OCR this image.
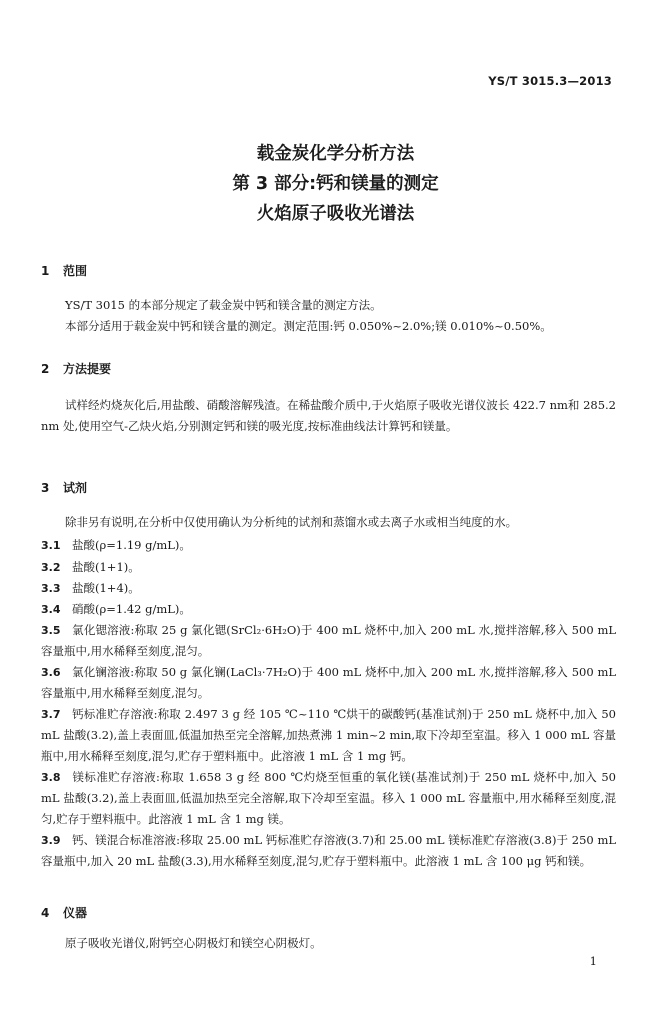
YS/T 3015.3—2013
载金炭化学分析方法
第 3 部分:钙和镁量的测定
火焰原子吸收光谱法
1 范围
YS/T 3015 的本部分规定了载金炭中钙和镁含量的测定方法。
本部分适用于载金炭中钙和镁含量的测定。测定范围:钙 0.050%~2.0%;镁 0.010%~0.50%。
2 方法提要
试样经灼烧灰化后,用盐酸、硝酸溶解残渣。在稀盐酸介质中,于火焰原子吸收光谱仪波长 422.7 nm和 285.2 nm 处,使用空气-乙炔火焰,分别测定钙和镁的吸光度,按标准曲线法计算钙和镁量。
3 试剂
除非另有说明,在分析中仅使用确认为分析纯的试剂和蒸馏水或去离子水或相当纯度的水。
3.1 盐酸(ρ=1.19 g/mL)。
3.2 盐酸(1+1)。
3.3 盐酸(1+4)。
3.4 硝酸(ρ=1.42 g/mL)。
3.5 氯化锶溶液:称取 25 g 氯化锶(SrCl₂·6H₂O)于 400 mL 烧杯中,加入 200 mL 水,搅拌溶解,移入 500 mL 容量瓶中,用水稀释至刻度,混匀。
3.6 氯化镧溶液:称取 50 g 氯化镧(LaCl₃·7H₂O)于 400 mL 烧杯中,加入 200 mL 水,搅拌溶解,移入 500 mL 容量瓶中,用水稀释至刻度,混匀。
3.7 钙标准贮存溶液:称取 2.497 3 g 经 105 ℃~110 ℃烘干的碳酸钙(基准试剂)于 250 mL 烧杯中,加入 50 mL 盐酸(3.2),盖上表面皿,低温加热至完全溶解,加热煮沸 1 min~2 min,取下冷却至室温。移入 1 000 mL 容量瓶中,用水稀释至刻度,混匀,贮存于塑料瓶中。此溶液 1 mL 含 1 mg 钙。
3.8 镁标准贮存溶液:称取 1.658 3 g 经 800 ℃灼烧至恒重的氧化镁(基准试剂)于 250 mL 烧杯中,加入 50 mL 盐酸(3.2),盖上表面皿,低温加热至完全溶解,取下冷却至室温。移入 1 000 mL 容量瓶中,用水稀释至刻度,混匀,贮存于塑料瓶中。此溶液 1 mL 含 1 mg 镁。
3.9 钙、镁混合标准溶液:移取 25.00 mL 钙标准贮存溶液(3.7)和 25.00 mL 镁标准贮存溶液(3.8)于 250 mL 容量瓶中,加入 20 mL 盐酸(3.3),用水稀释至刻度,混匀,贮存于塑料瓶中。此溶液 1 mL 含 100 μg 钙和镁。
4 仪器
原子吸收光谱仪,附钙空心阴极灯和镁空心阴极灯。
1
